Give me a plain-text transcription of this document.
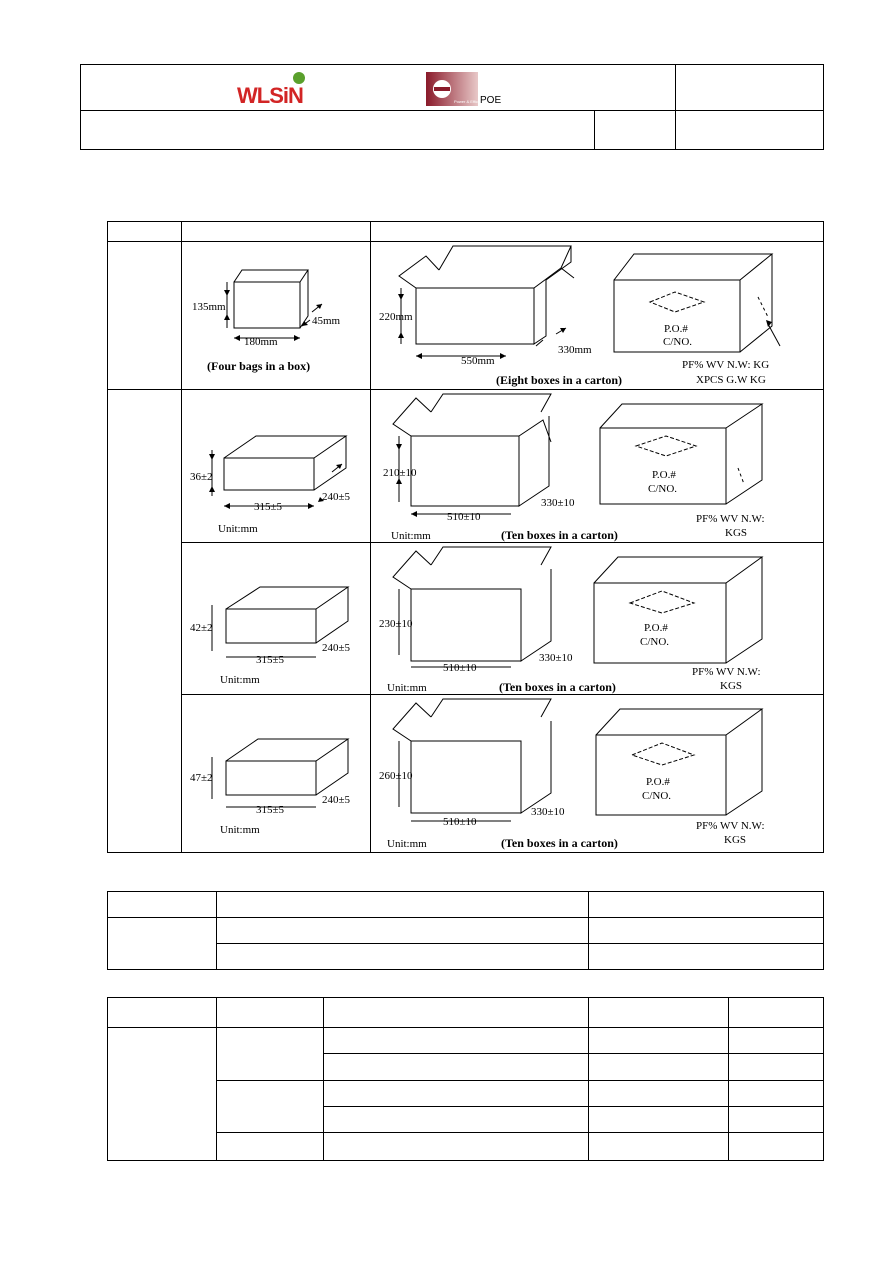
WLSiN	Power & Efficiency
POE
135mm
180mm
45mm
(Four bags in a box)
220mm
550mm
330mm
(Eight boxes in a carton)
P.O.#
C/NO.
PF% WV N.W: KG
XPCS G.W KG
36±2
315±5
240±5
Unit:mm
210±10
510±10
330±10
Unit:mm	(Ten boxes in a carton)
P.O.#
C/NO.
PF% WV N.W:
KGS
42±2
315±5
240±5
Unit:mm
230±10
510±10
330±10
Unit:mm	(Ten boxes in a carton)
P.O.#
C/NO.
PF% WV N.W:
KGS
47±2
315±5
240±5
Unit:mm
260±10
510±10
330±10
Unit:mm	(Ten boxes in a carton)
P.O.#
C/NO.
PF% WV N.W:
KGS
